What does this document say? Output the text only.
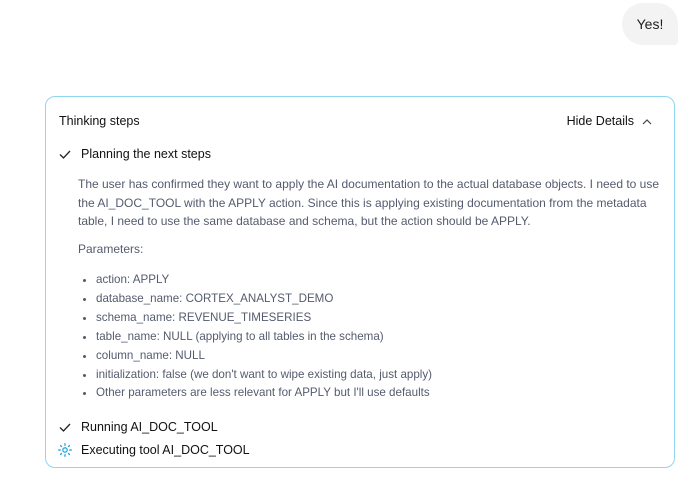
Yes!
Thinking steps	Hide Details
Planning the next steps
The user has confirmed they want to apply the AI documentation to the actual database objects. I need to use the AI_DOC_TOOL with the APPLY action. Since this is applying existing documentation from the metadata table, I need to use the same database and schema, but the action should be APPLY.
Parameters:
• action: APPLY
• database_name: CORTEX_ANALYST_DEMO
• schema_name: REVENUE_TIMESERIES
• table_name: NULL (applying to all tables in the schema)
• column_name: NULL
• initialization: false (we don't want to wipe existing data, just apply)
• Other parameters are less relevant for APPLY but I'll use defaults
Running AI_DOC_TOOL
Executing tool AI_DOC_TOOL
